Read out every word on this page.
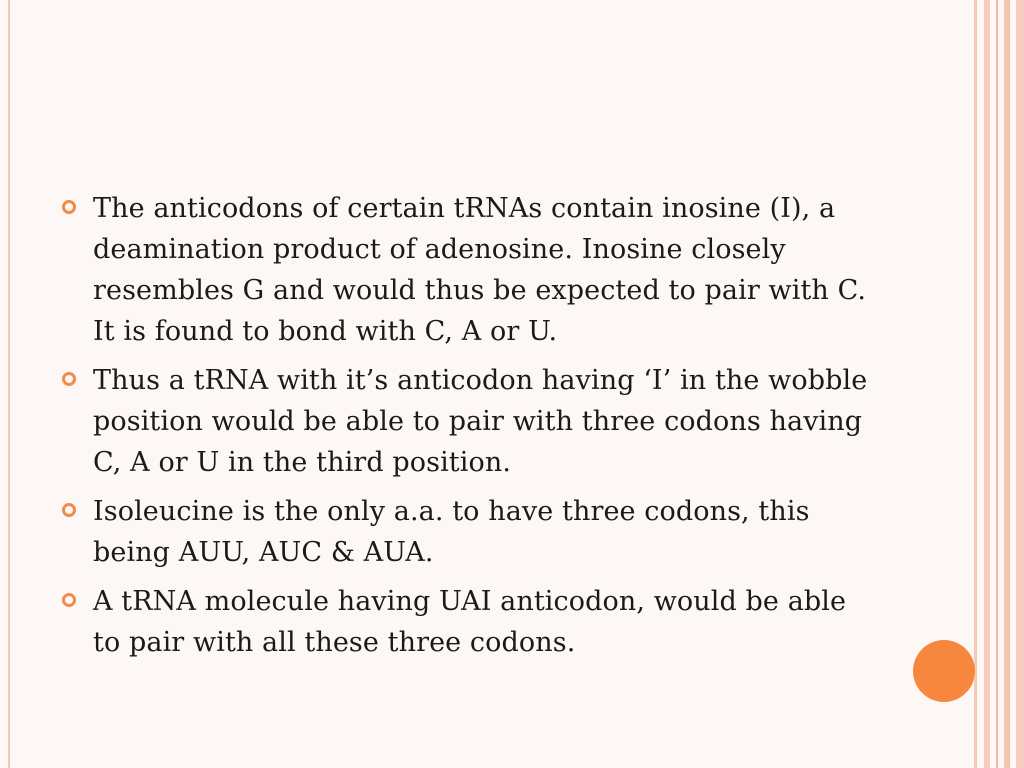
The anticodons of certain tRNAs contain inosine (I), a deamination product of adenosine. Inosine closely resembles G and would thus be expected to pair with C. It is found to bond with C, A or U.
Thus a tRNA with it’s anticodon having ‘I’ in the wobble position would be able to pair with three codons having C, A or U in the third position.
Isoleucine is the only a.a. to have three codons, this being AUU, AUC & AUA.
A tRNA molecule having UAI anticodon, would be able to pair with all these three codons.
